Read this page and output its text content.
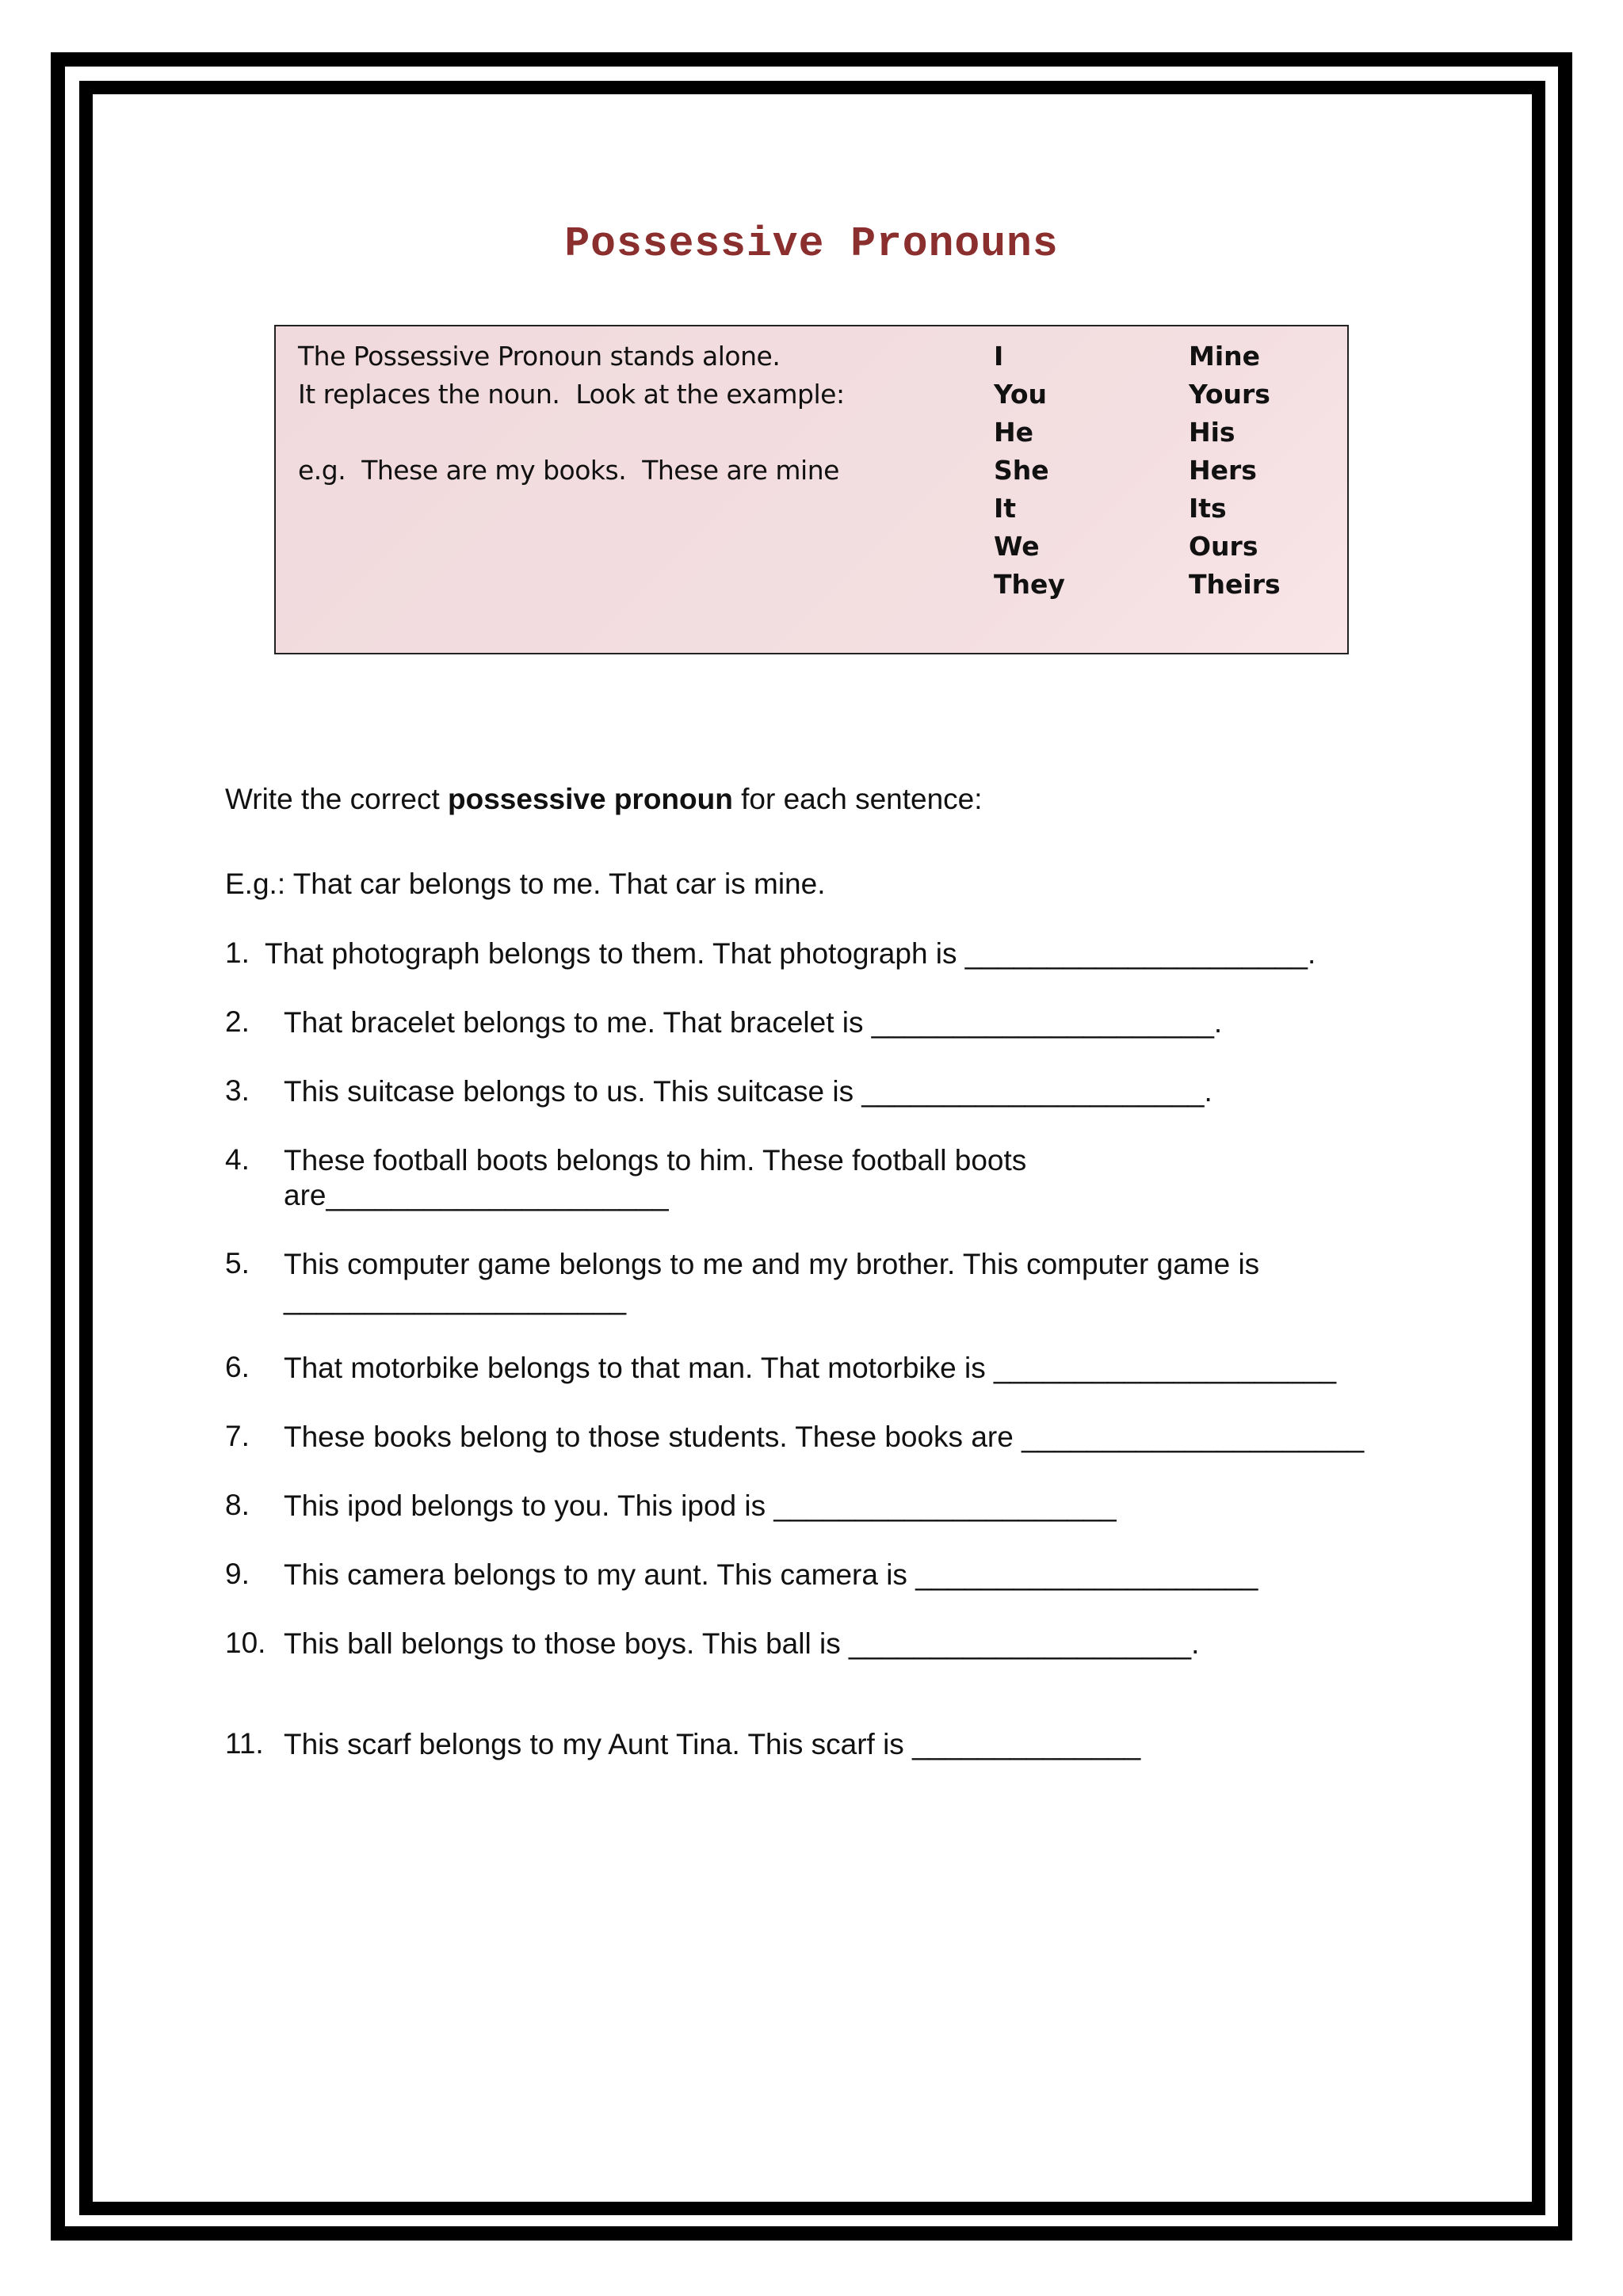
Possessive Pronouns
The Possessive Pronoun stands alone.
It replaces the noun.  Look at the example:
e.g.  These are my books.  These are mine
I
You
He
She
It
We
They
Mine
Yours
His
Hers
Its
Ours
Theirs
Write the correct possessive pronoun for each sentence:
E.g.: That car belongs to me. That car is mine.
1. That photograph belongs to them. That photograph is _____________________.
2. That bracelet belongs to me. That bracelet is _____________________.
3. This suitcase belongs to us. This suitcase is _____________________.
4. These football boots belongs to him. These football boots are_____________________
5. This computer game belongs to me and my brother. This computer game is _____________________
6. That motorbike belongs to that man. That motorbike is _____________________
7. These books belong to those students. These books are _____________________
8. This ipod belongs to you. This ipod is _____________________
9. This camera belongs to my aunt. This camera is _____________________
10. This ball belongs to those boys. This ball is _____________________.
11. This scarf belongs to my Aunt Tina. This scarf is ______________
